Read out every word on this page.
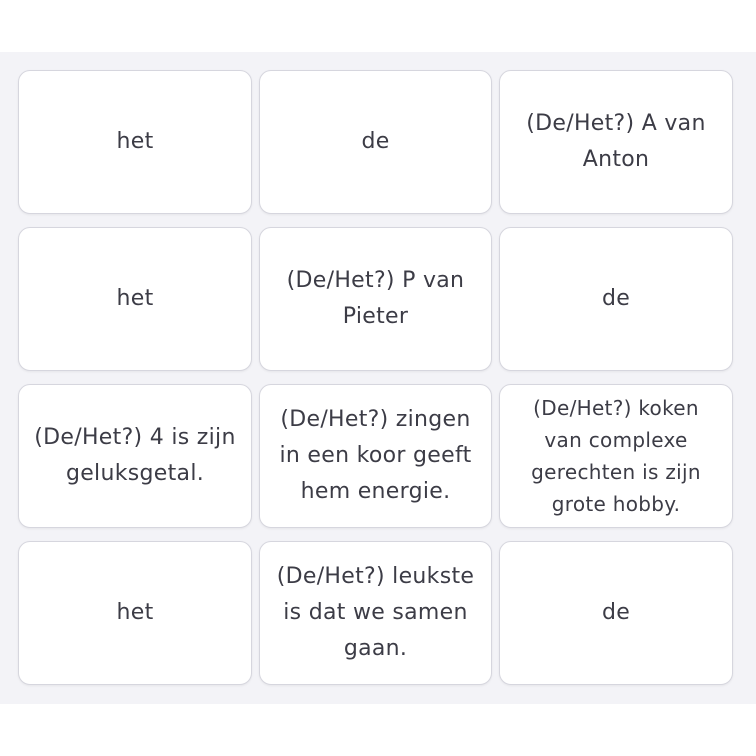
het	de
(De/Het?) A van Anton
het
(De/Het?) P van Pieter
de
(De/Het?) 4 is zijn geluksgetal.
(De/Het?) zingen in een koor geeft hem energie.
(De/Het?) koken van complexe gerechten is zijn grote hobby.
het
(De/Het?) leukste is dat we samen gaan.
de
